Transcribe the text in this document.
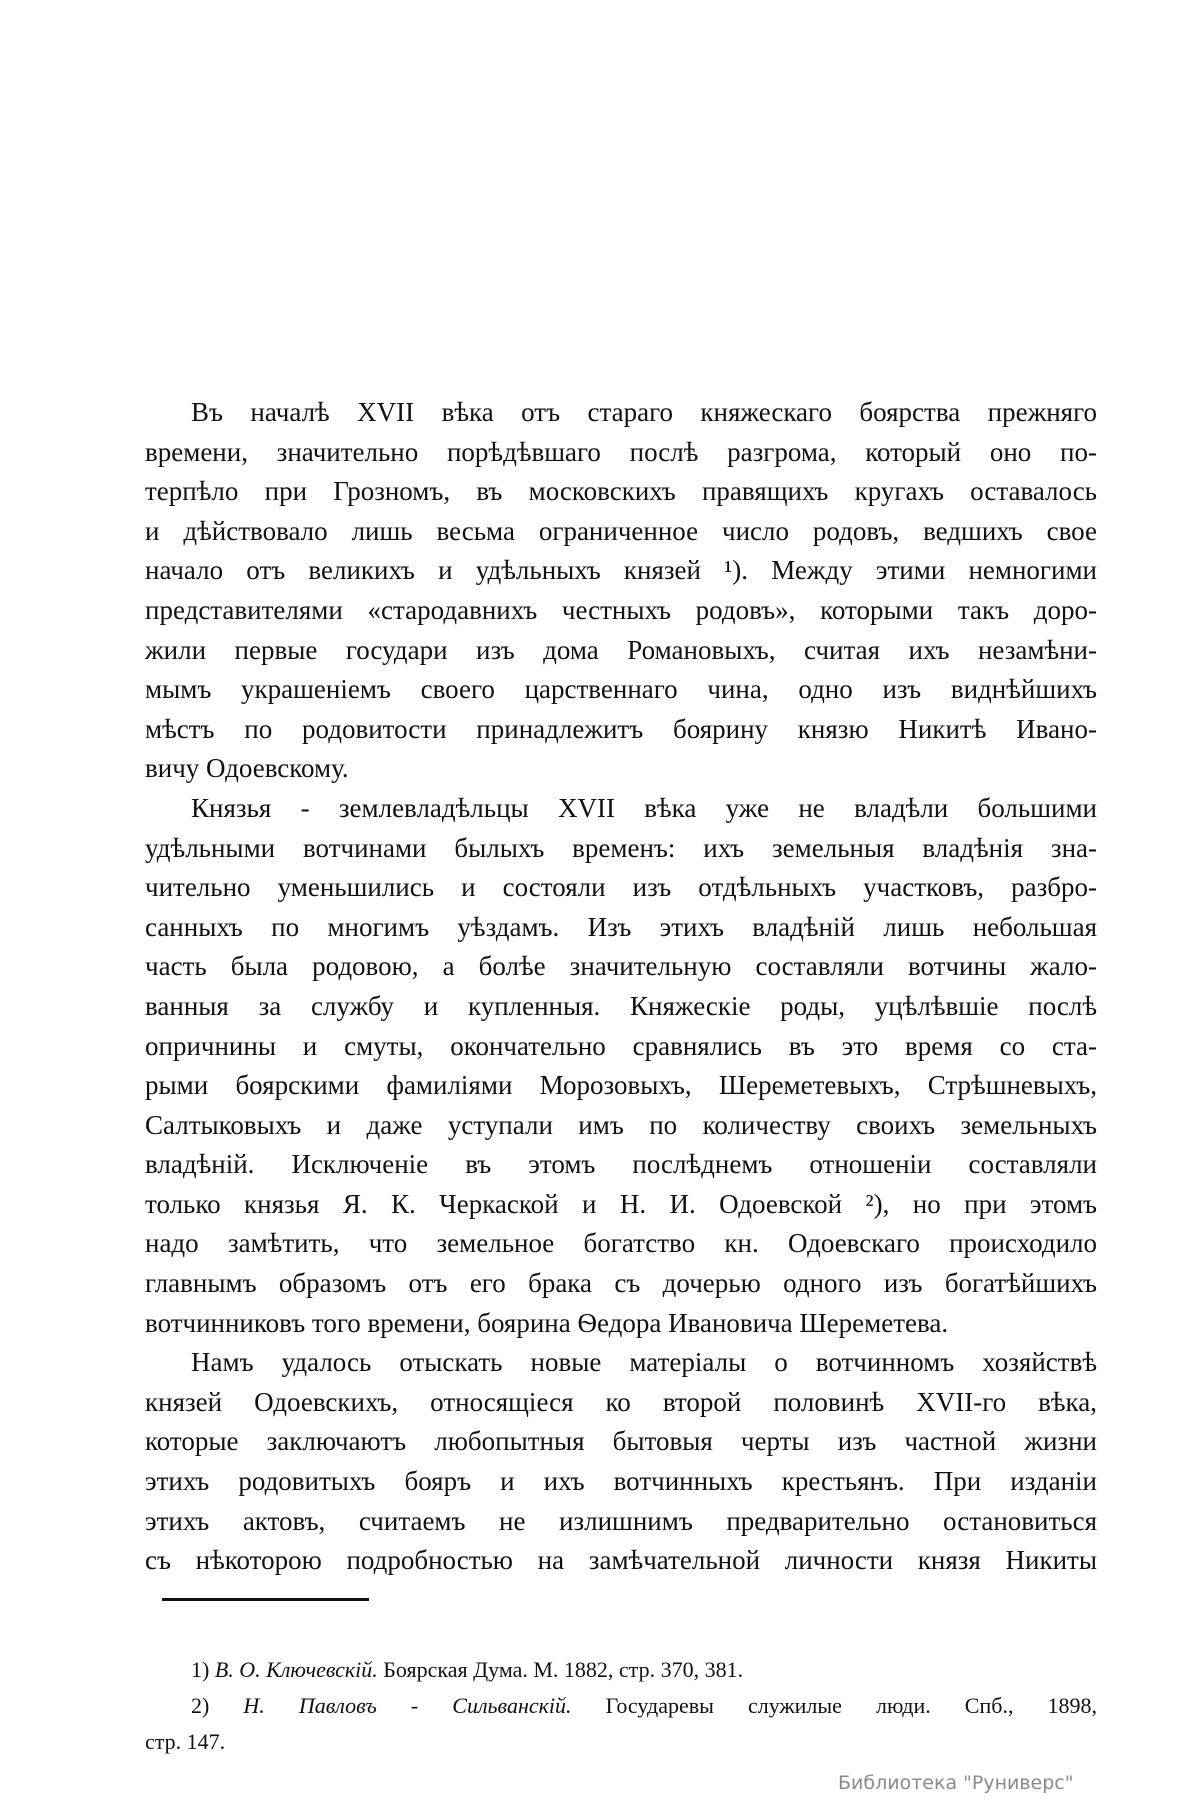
Въ началѣ XVII вѣка отъ стараго княжескаго боярства прежняго
времени, значительно порѣдѣвшаго послѣ разгрома, который оно по-
терпѣло при Грозномъ, въ московскихъ правящихъ кругахъ оставалось
и дѣйствовало лишь весьма ограниченное число родовъ, ведшихъ свое
начало отъ великихъ и удѣльныхъ князей ¹). Между этими немногими
представителями «стародавнихъ честныхъ родовъ», которыми такъ доро-
жили первые государи изъ дома Романовыхъ, считая ихъ незамѣни-
мымъ украшеніемъ своего царственнаго чина, одно изъ виднѣйшихъ
мѣстъ по родовитости принадлежитъ боярину князю Никитѣ Ивано-
вичу Одоевскому.
Князья - землевладѣльцы XVII вѣка уже не владѣли большими
удѣльными вотчинами былыхъ временъ: ихъ земельныя владѣнія зна-
чительно уменьшились и состояли изъ отдѣльныхъ участковъ, разбро-
санныхъ по многимъ уѣздамъ. Изъ этихъ владѣній лишь небольшая
часть была родовою, а болѣе значительную составляли вотчины жало-
ванныя за службу и купленныя. Княжескіе роды, уцѣлѣвшіе послѣ
опричнины и смуты, окончательно сравнялись въ это время со ста-
рыми боярскими фамиліями Морозовыхъ, Шереметевыхъ, Стрѣшневыхъ,
Салтыковыхъ и даже уступали имъ по количеству своихъ земельныхъ
владѣній. Исключеніе въ этомъ послѣднемъ отношеніи составляли
только князья Я. К. Черкаской и Н. И. Одоевской ²), но при этомъ
надо замѣтить, что земельное богатство кн. Одоевскаго происходило
главнымъ образомъ отъ его брака съ дочерью одного изъ богатѣйшихъ
вотчинниковъ того времени, боярина Ѳедора Ивановича Шереметева.
Намъ удалось отыскать новые матеріалы о вотчинномъ хозяйствѣ
князей Одоевскихъ, относящіеся ко второй половинѣ XVII-го вѣка,
которые заключаютъ любопытныя бытовыя черты изъ частной жизни
этихъ родовитыхъ бояръ и ихъ вотчинныхъ крестьянъ. При изданіи
этихъ актовъ, считаемъ не излишнимъ предварительно остановиться
съ нѣкоторою подробностью на замѣчательной личности князя Никиты
1) В. О. Ключевскій. Боярская Дума. М. 1882, стр. 370, 381.
2) Н. Павловъ - Сильванскій. Государевы служилые люди. Спб., 1898,
стр. 147.
Библиотека "Руниверс"
